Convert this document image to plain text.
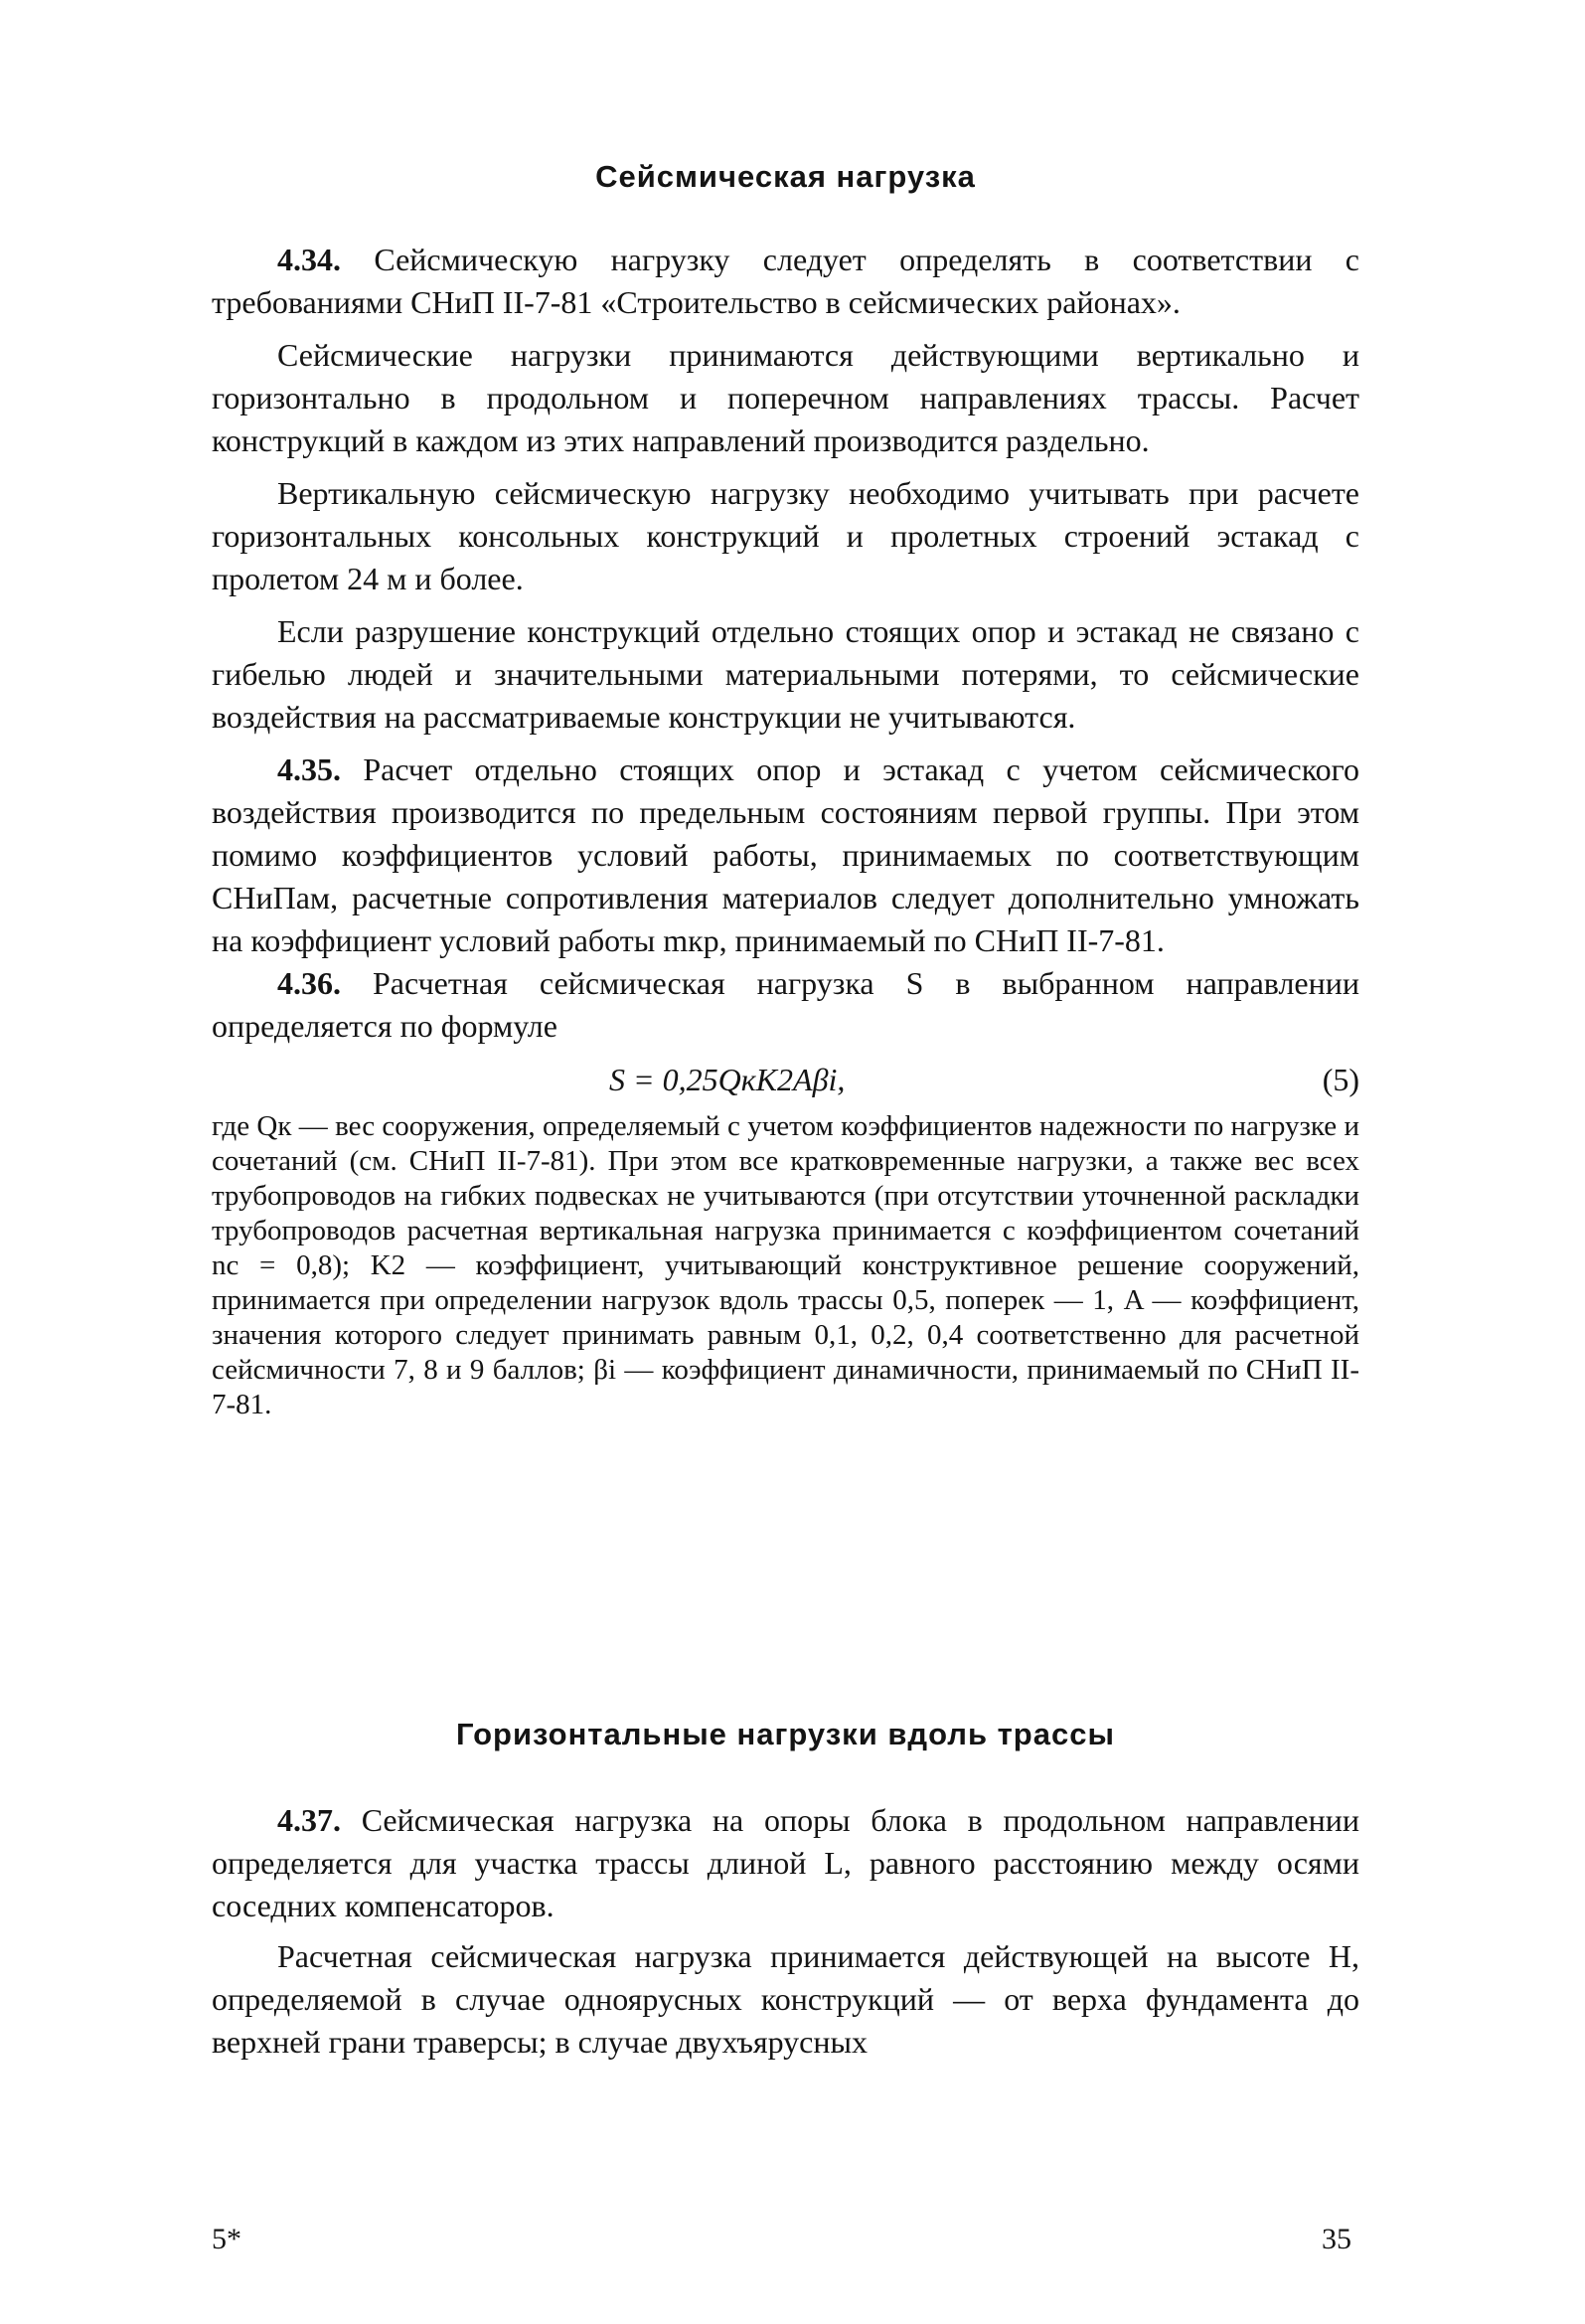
Сейсмическая нагрузка

4.34. Сейсмическую нагрузку следует определять в соответствии с требованиями СНиП II-7-81 «Строительство в сейсмических районах».

Сейсмические нагрузки принимаются действующими вертикально и горизонтально в продольном и поперечном направлениях трассы. Расчет конструкций в каждом из этих направлений производится раздельно.

Вертикальную сейсмическую нагрузку необходимо учитывать при расчете горизонтальных консольных конструкций и пролетных строений эстакад с пролетом 24 м и более.

Если разрушение конструкций отдельно стоящих опор и эстакад не связано с гибелью людей и значительными материальными потерями, то сейсмические воздействия на рассматриваемые конструкции не учитываются.

4.35. Расчет отдельно стоящих опор и эстакад с учетом сейсмического воздействия производится по предельным состояниям первой группы. При этом помимо коэффициентов условий работы, принимаемых по соответствующим СНиПам, расчетные сопротивления материалов следует дополнительно умножать на коэффициент условий работы mкр, принимаемый по СНиП II-7-81.

4.36. Расчетная сейсмическая нагрузка S в выбранном направлении определяется по формуле

S = 0,25QкK2Aβi,	(5)

где Qк — вес сооружения, определяемый с учетом коэффициентов надежности по нагрузке и сочетаний (см. СНиП II-7-81). При этом все кратковременные нагрузки, а также вес всех трубопроводов на гибких подвесках не учитываются (при отсутствии уточненной раскладки трубопроводов расчетная вертикальная нагрузка принимается с коэффициентом сочетаний nc = 0,8); K2 — коэффициент, учитывающий конструктивное решение сооружений, принимается при определении нагрузок вдоль трассы 0,5, поперек — 1, A — коэффициент, значения которого следует принимать равным 0,1, 0,2, 0,4 соответственно для расчетной сейсмичности 7, 8 и 9 баллов; βi — коэффициент динамичности, принимаемый по СНиП II-7-81.

Горизонтальные нагрузки вдоль трассы

4.37. Сейсмическая нагрузка на опоры блока в продольном направлении определяется для участка трассы длиной L, равного расстоянию между осями соседних компенсаторов.

Расчетная сейсмическая нагрузка принимается действующей на высоте H, определяемой в случае одноярусных конструкций — от верха фундамента до верхней грани траверсы; в случае двухъярусных

5*	35
